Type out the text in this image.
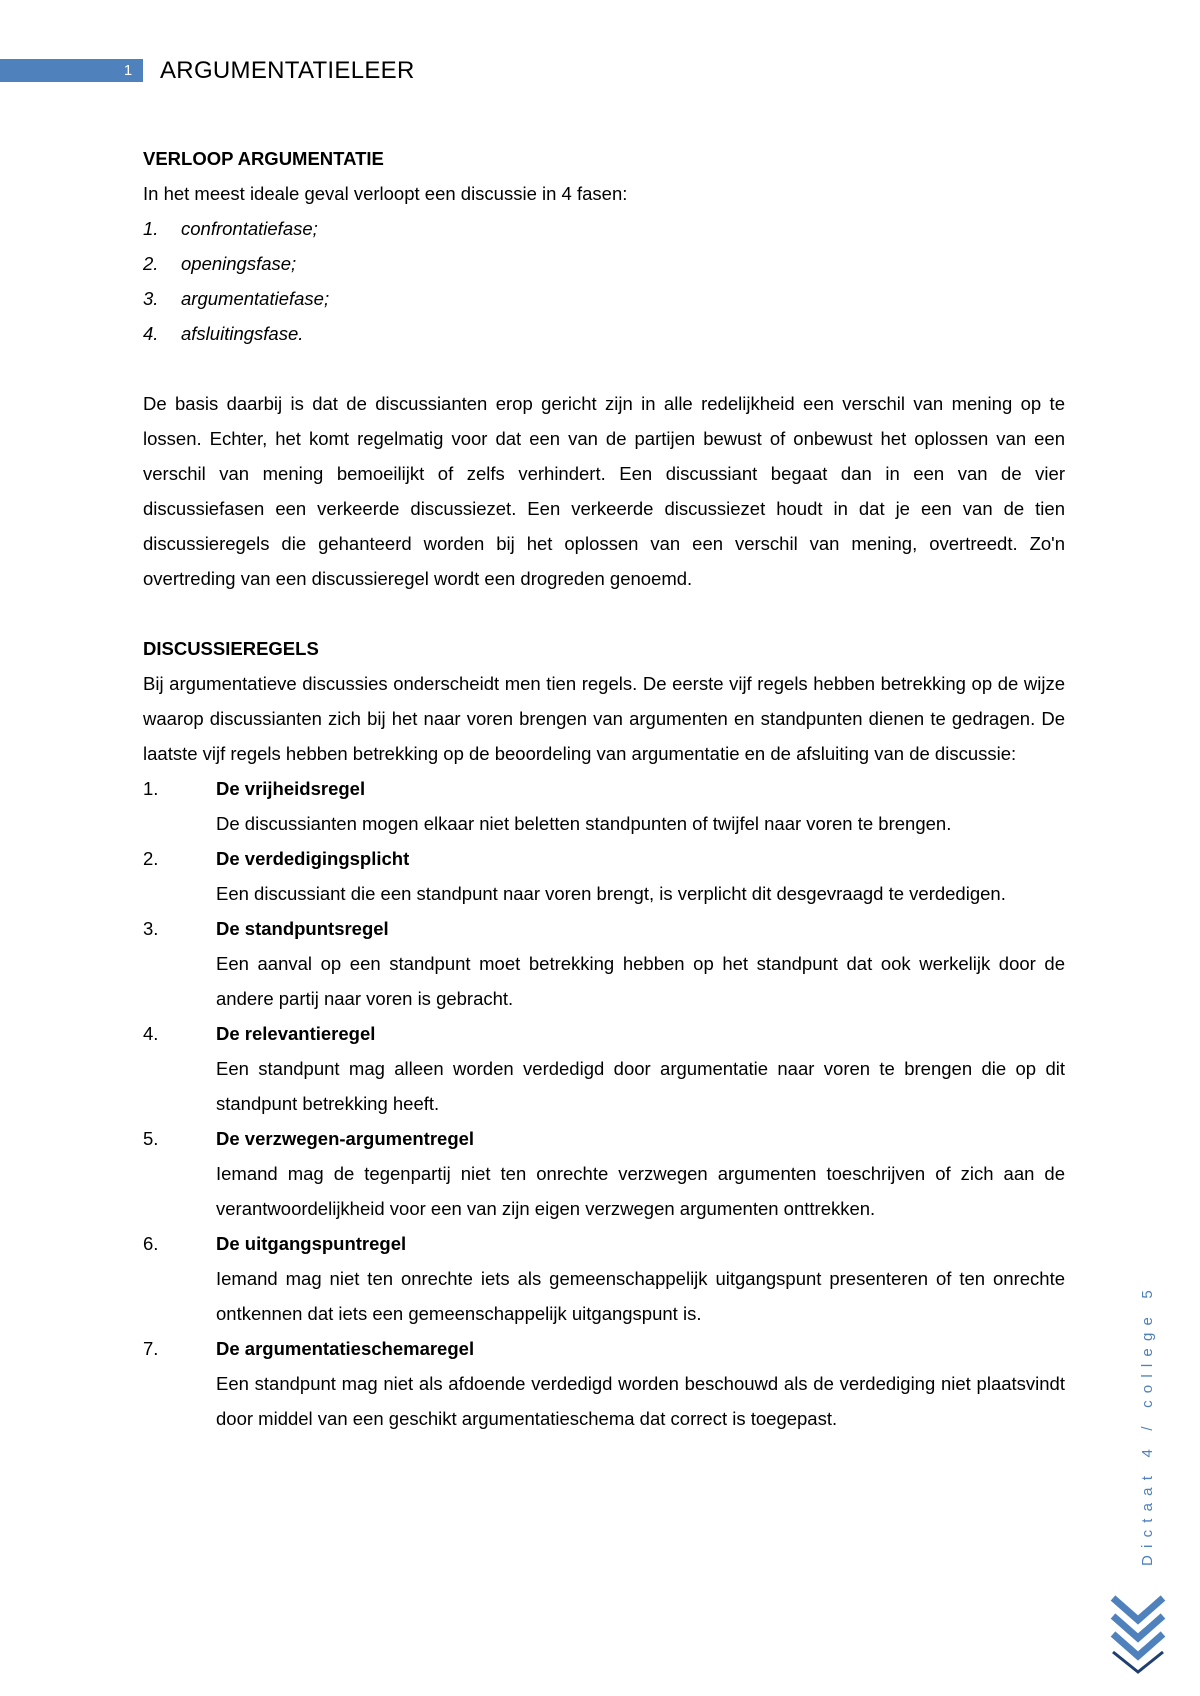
1 ARGUMENTATIELEER
VERLOOP ARGUMENTATIE
In het meest ideale geval verloopt een discussie in 4 fasen:
1.	confrontatiefase;
2.	openingsfase;
3.	argumentatiefase;
4.	afsluitingsfase.
De basis daarbij is dat de discussianten erop gericht zijn in alle redelijkheid een verschil van mening op te lossen. Echter, het komt regelmatig voor dat een van de partijen bewust of onbewust het oplossen van een verschil van mening bemoeilijkt of zelfs verhindert. Een discussiant begaat dan in een van de vier discussiefasen een verkeerde discussiezet. Een verkeerde discussiezet houdt in dat je een van de tien discussieregels die gehanteerd worden bij het oplossen van een verschil van mening, overtreedt. Zo'n overtreding van een discussieregel wordt een drogreden genoemd.
DISCUSSIEREGELS
Bij argumentatieve discussies onderscheidt men tien regels. De eerste vijf regels hebben betrekking op de wijze waarop discussianten zich bij het naar voren brengen van argumenten en standpunten dienen te gedragen. De laatste vijf regels hebben betrekking op de beoordeling van argumentatie en de afsluiting van de discussie:
1.	De vrijheidsregel
De discussianten mogen elkaar niet beletten standpunten of twijfel naar voren te brengen.
2.	De verdedigingsplicht
Een discussiant die een standpunt naar voren brengt, is verplicht dit desgevraagd te verdedigen.
3.	De standpuntsregel
Een aanval op een standpunt moet betrekking hebben op het standpunt dat ook werkelijk door de andere partij naar voren is gebracht.
4.	De relevantieregel
Een standpunt mag alleen worden verdedigd door argumentatie naar voren te brengen die op dit standpunt betrekking heeft.
5.	De verzwegen-argumentregel
Iemand mag de tegenpartij niet ten onrechte verzwegen argumenten toeschrijven of zich aan de verantwoordelijkheid voor een van zijn eigen verzwegen argumenten onttrekken.
6.	De uitgangspuntregel
Iemand mag niet ten onrechte iets als gemeenschappelijk uitgangspunt presenteren of ten onrechte ontkennen dat iets een gemeenschappelijk uitgangspunt is.
7.	De argumentatieschemaregel
Een standpunt mag niet als afdoende verdedigd worden beschouwd als de verdediging niet plaatsvindt door middel van een geschikt argumentatieschema dat correct is toegepast.	Dictaat 4 / college 5
